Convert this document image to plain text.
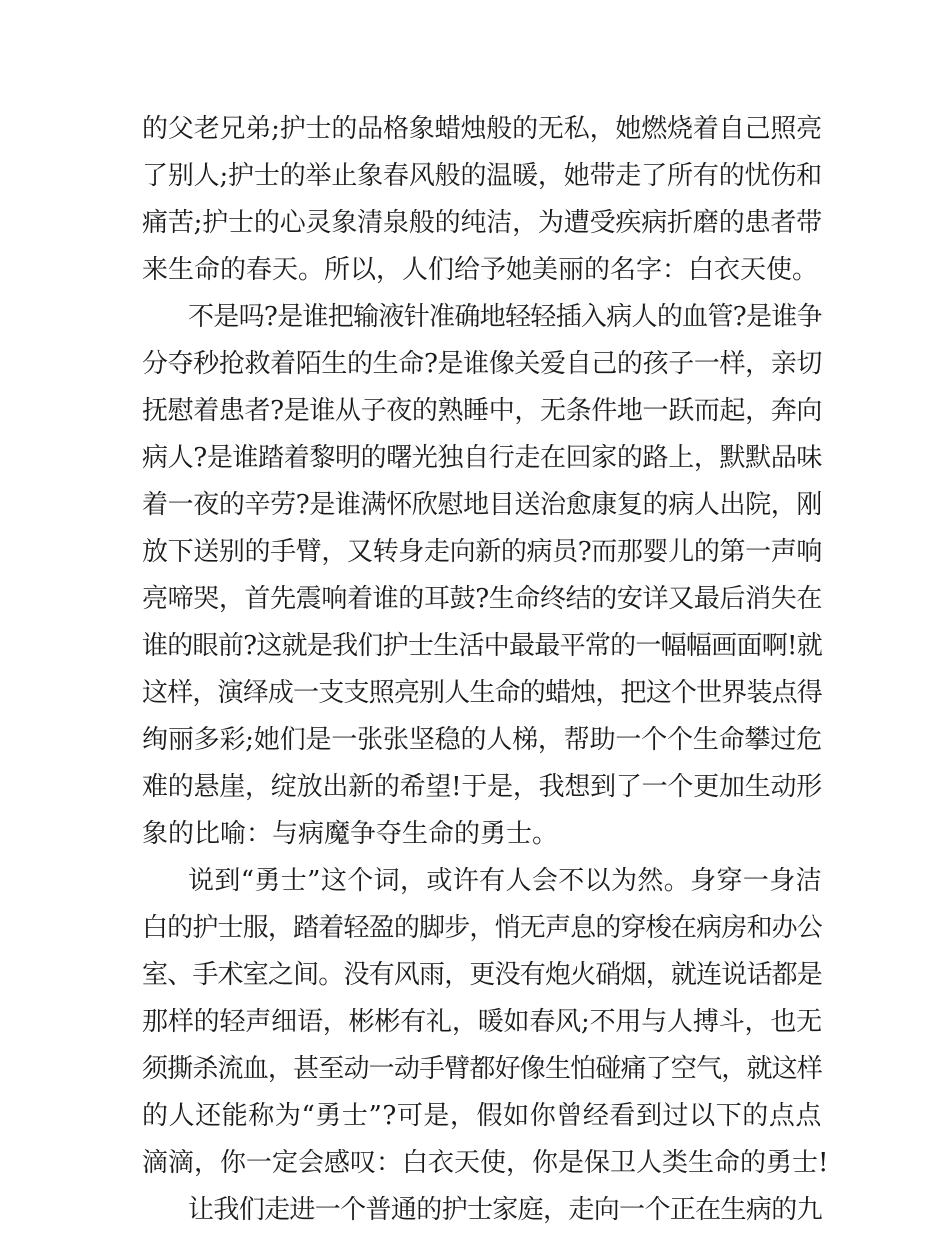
的父老兄弟;护士的品格象蜡烛般的无私，她燃烧着自己照亮
了别人;护士的举止象春风般的温暖，她带走了所有的忧伤和
痛苦;护士的心灵象清泉般的纯洁，为遭受疾病折磨的患者带
来生命的春天。所以，人们给予她美丽的名字：白衣天使。
不是吗?是谁把输液针准确地轻轻插入病人的血管?是谁争
分夺秒抢救着陌生的生命?是谁像关爱自己的孩子一样，亲切
抚慰着患者?是谁从子夜的熟睡中，无条件地一跃而起，奔向
病人?是谁踏着黎明的曙光独自行走在回家的路上，默默品味
着一夜的辛劳?是谁满怀欣慰地目送治愈康复的病人出院，刚
放下送别的手臂，又转身走向新的病员?而那婴儿的第一声响
亮啼哭，首先震响着谁的耳鼓?生命终结的安详又最后消失在
谁的眼前?这就是我们护士生活中最最平常的一幅幅画面啊!就
这样，演绎成一支支照亮别人生命的蜡烛，把这个世界装点得
绚丽多彩;她们是一张张坚稳的人梯，帮助一个个生命攀过危
难的悬崖，绽放出新的希望!于是，我想到了一个更加生动形
象的比喻：与病魔争夺生命的勇士。
说到“勇士”这个词，或许有人会不以为然。身穿一身洁
白的护士服，踏着轻盈的脚步，悄无声息的穿梭在病房和办公
室、手术室之间。没有风雨，更没有炮火硝烟，就连说话都是
那样的轻声细语，彬彬有礼，暖如春风;不用与人搏斗，也无
须撕杀流血，甚至动一动手臂都好像生怕碰痛了空气，就这样
的人还能称为“勇士”?可是，假如你曾经看到过以下的点点
滴滴，你一定会感叹：白衣天使，你是保卫人类生命的勇士!
让我们走进一个普通的护士家庭，走向一个正在生病的九
